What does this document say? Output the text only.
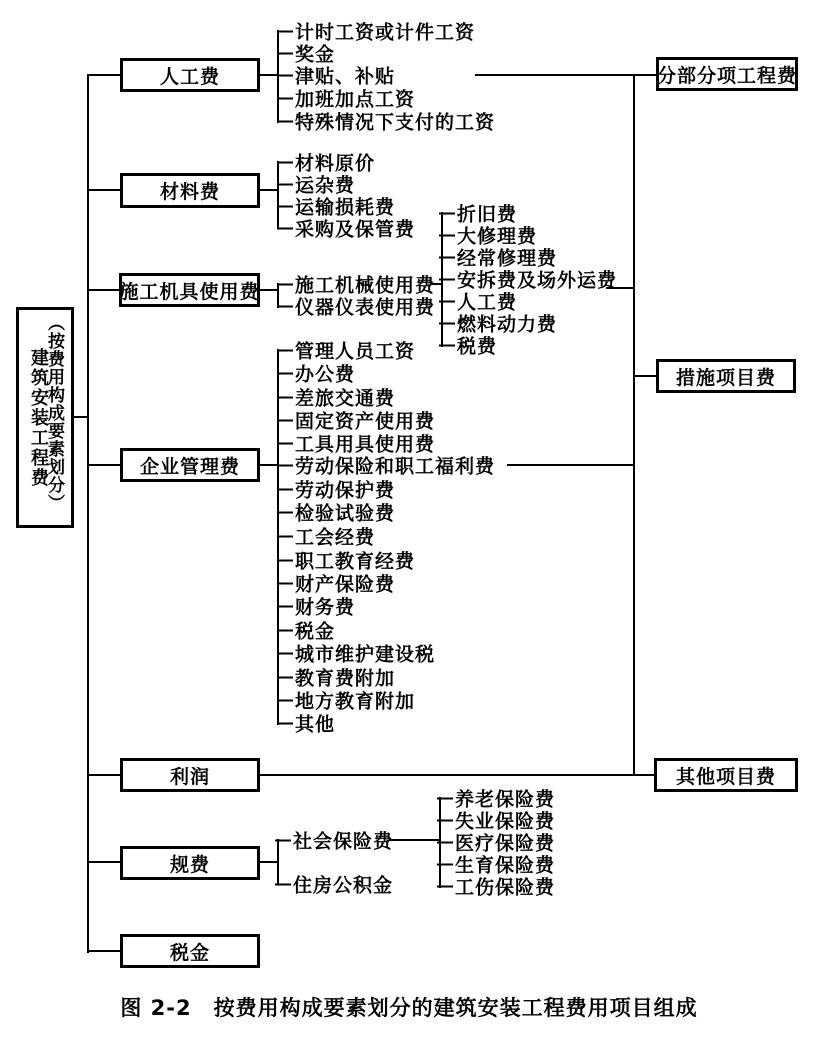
（按费用构成要素划分）
建筑安装工程费
人工费
材料费
施工机具使用费
企业管理费
利润
规费
税金
分部分项工程费
措施项目费
其他项目费
计时工资或计件工资
奖金
津贴、补贴
加班加点工资
特殊情况下支付的工资
材料原价
运杂费
运输损耗费
采购及保管费
施工机械使用费
仪器仪表使用费
折旧费
大修理费
经常修理费
安拆费及场外运费
人工费
燃料动力费
税费
管理人员工资
办公费
差旅交通费
固定资产使用费
工具用具使用费
劳动保险和职工福利费
劳动保护费
检验试验费
工会经费
职工教育经费
财产保险费
财务费
税金
城市维护建设税
教育费附加
地方教育附加
其他
社会保险费
住房公积金
养老保险费
失业保险费
医疗保险费
生育保险费
工伤保险费
图 2-2　按费用构成要素划分的建筑安装工程费用项目组成
